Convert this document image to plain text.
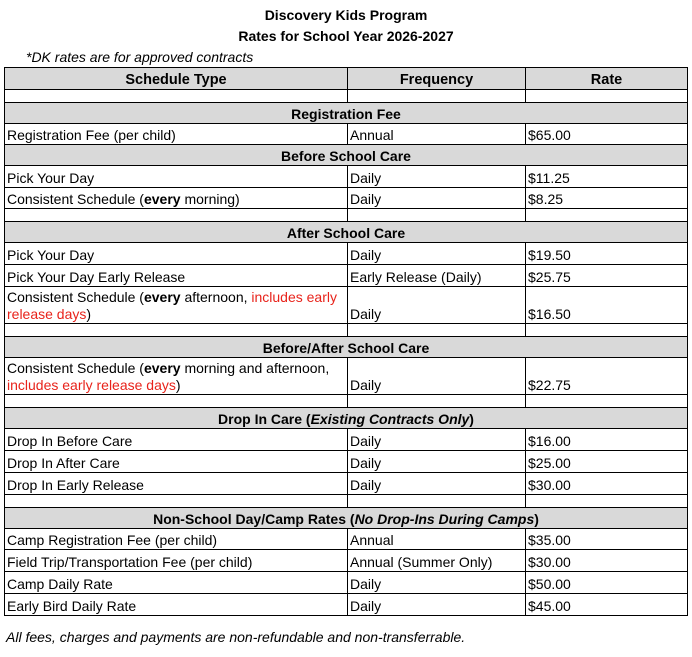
Discovery Kids Program
Rates for School Year 2026-2027
*DK rates are for approved contracts
Schedule Type	Frequency	Rate

Registration Fee		
Registration Fee (per child)	Annual	$65.00
Before School Care		
Pick Your Day	Daily	$11.25
Consistent Schedule (every morning)	Daily	$8.25

After School Care		
Pick Your Day	Daily	$19.50
Pick Your Day Early Release	Early Release (Daily)	$25.75
Consistent Schedule (every afternoon, includes early release days)	Daily	$16.50

Before/After School Care		
Consistent Schedule (every morning and afternoon, includes early release days)	Daily	$22.75

Drop In Care (Existing Contracts Only)		
Drop In Before Care	Daily	$16.00
Drop In After Care	Daily	$25.00
Drop In Early Release	Daily	$30.00

Non-School Day/Camp Rates (No Drop-Ins During Camps)		
Camp Registration Fee (per child)	Annual	$35.00
Field Trip/Transportation Fee (per child)	Annual (Summer Only)	$30.00
Camp Daily Rate	Daily	$50.00
Early Bird Daily Rate	Daily	$45.00
All fees, charges and payments are non-refundable and non-transferrable.
